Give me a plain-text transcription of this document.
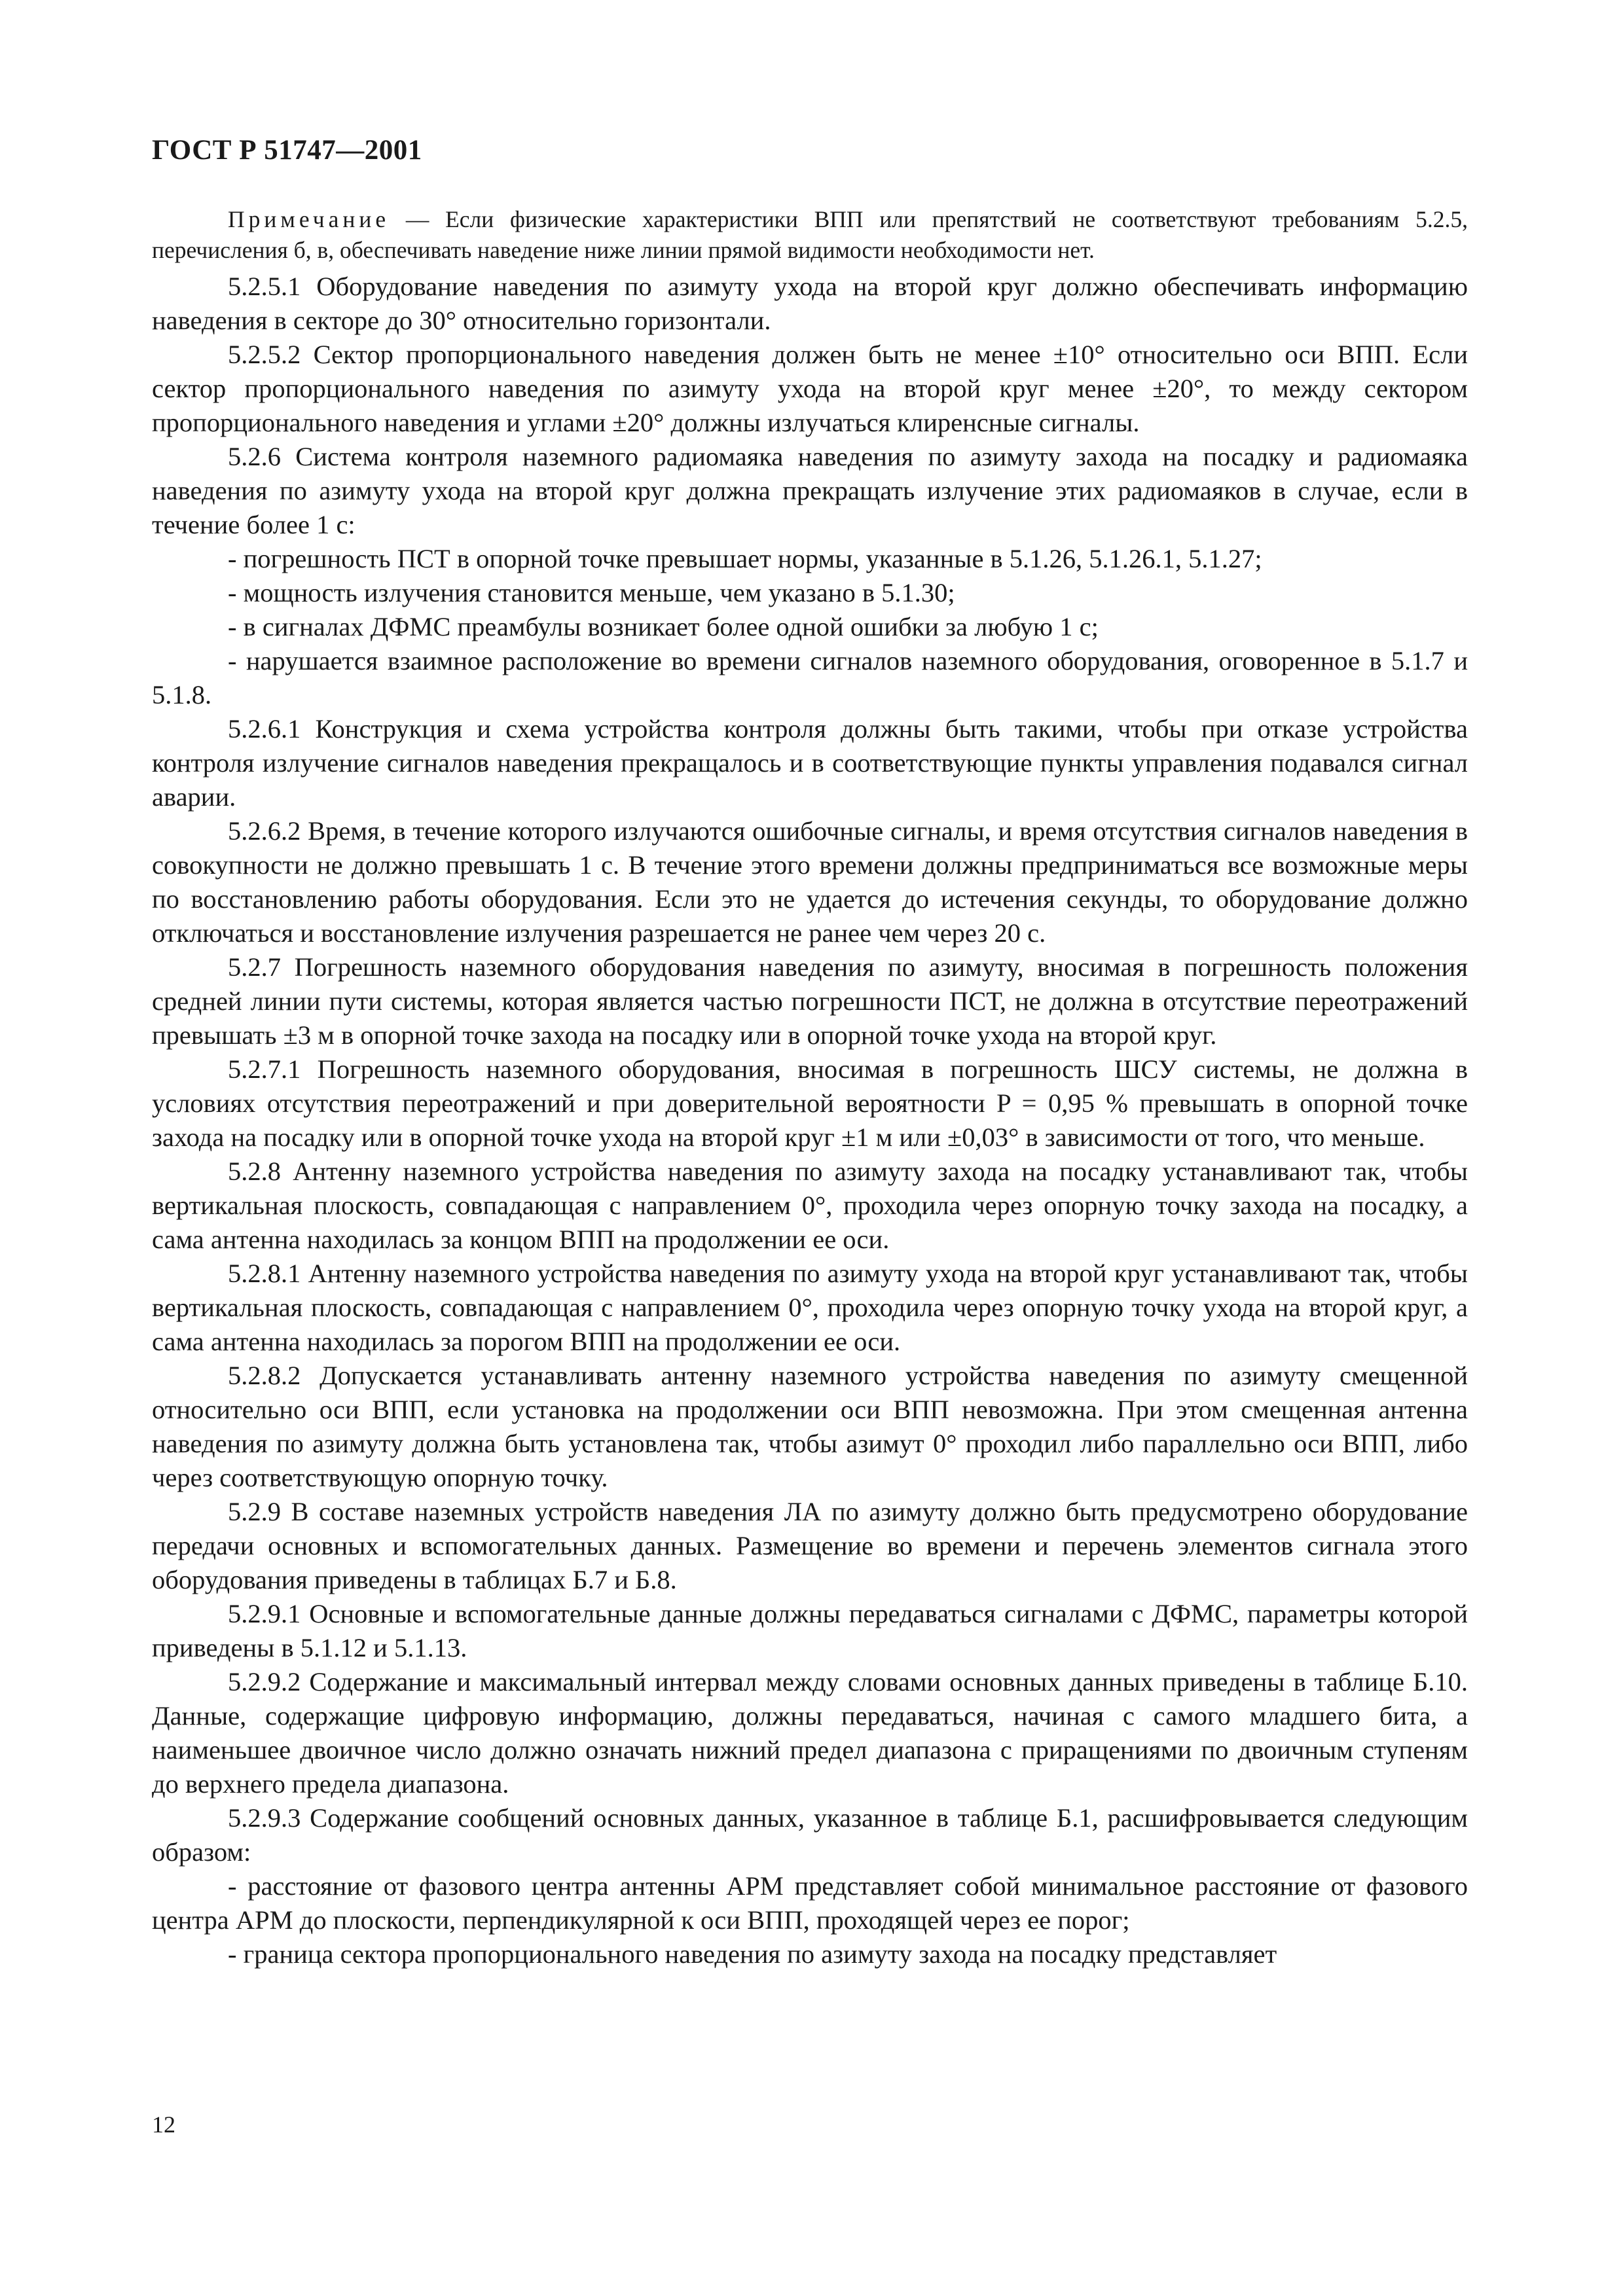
ГОСТ Р 51747—2001

Примечание — Если физические характеристики ВПП или препятствий не соответствуют требованиям 5.2.5, перечисления б, в, обеспечивать наведение ниже линии прямой видимости необходимости нет.

5.2.5.1 Оборудование наведения по азимуту ухода на второй круг должно обеспечивать информацию наведения в секторе до 30° относительно горизонтали.

5.2.5.2 Сектор пропорционального наведения должен быть не менее ±10° относительно оси ВПП. Если сектор пропорционального наведения по азимуту ухода на второй круг менее ±20°, то между сектором пропорционального наведения и углами ±20° должны излучаться клиренсные сигналы.

5.2.6 Система контроля наземного радиомаяка наведения по азимуту захода на посадку и радиомаяка наведения по азимуту ухода на второй круг должна прекращать излучение этих радиомаяков в случае, если в течение более 1 с:

- погрешность ПСТ в опорной точке превышает нормы, указанные в 5.1.26, 5.1.26.1, 5.1.27;

- мощность излучения становится меньше, чем указано в 5.1.30;

- в сигналах ДФМС преамбулы возникает более одной ошибки за любую 1 с;

- нарушается взаимное расположение во времени сигналов наземного оборудования, оговоренное в 5.1.7 и 5.1.8.

5.2.6.1 Конструкция и схема устройства контроля должны быть такими, чтобы при отказе устройства контроля излучение сигналов наведения прекращалось и в соответствующие пункты управления подавался сигнал аварии.

5.2.6.2 Время, в течение которого излучаются ошибочные сигналы, и время отсутствия сигналов наведения в совокупности не должно превышать 1 с. В течение этого времени должны предприниматься все возможные меры по восстановлению работы оборудования. Если это не удается до истечения секунды, то оборудование должно отключаться и восстановление излучения разрешается не ранее чем через 20 с.

5.2.7 Погрешность наземного оборудования наведения по азимуту, вносимая в погрешность положения средней линии пути системы, которая является частью погрешности ПСТ, не должна в отсутствие переотражений превышать ±3 м в опорной точке захода на посадку или в опорной точке ухода на второй круг.

5.2.7.1 Погрешность наземного оборудования, вносимая в погрешность ШСУ системы, не должна в условиях отсутствия переотражений и при доверительной вероятности P = 0,95 % превышать в опорной точке захода на посадку или в опорной точке ухода на второй круг ±1 м или ±0,03° в зависимости от того, что меньше.

5.2.8 Антенну наземного устройства наведения по азимуту захода на посадку устанавливают так, чтобы вертикальная плоскость, совпадающая с направлением 0°, проходила через опорную точку захода на посадку, а сама антенна находилась за концом ВПП на продолжении ее оси.

5.2.8.1 Антенну наземного устройства наведения по азимуту ухода на второй круг устанавливают так, чтобы вертикальная плоскость, совпадающая с направлением 0°, проходила через опорную точку ухода на второй круг, а сама антенна находилась за порогом ВПП на продолжении ее оси.

5.2.8.2 Допускается устанавливать антенну наземного устройства наведения по азимуту смещенной относительно оси ВПП, если установка на продолжении оси ВПП невозможна. При этом смещенная антенна наведения по азимуту должна быть установлена так, чтобы азимут 0° проходил либо параллельно оси ВПП, либо через соответствующую опорную точку.

5.2.9 В составе наземных устройств наведения ЛА по азимуту должно быть предусмотрено оборудование передачи основных и вспомогательных данных. Размещение во времени и перечень элементов сигнала этого оборудования приведены в таблицах Б.7 и Б.8.

5.2.9.1 Основные и вспомогательные данные должны передаваться сигналами с ДФМС, параметры которой приведены в 5.1.12 и 5.1.13.

5.2.9.2 Содержание и максимальный интервал между словами основных данных приведены в таблице Б.10. Данные, содержащие цифровую информацию, должны передаваться, начиная с самого младшего бита, а наименьшее двоичное число должно означать нижний предел диапазона с приращениями по двоичным ступеням до верхнего предела диапазона.

5.2.9.3 Содержание сообщений основных данных, указанное в таблице Б.1, расшифровывается следующим образом:

- расстояние от фазового центра антенны АРМ представляет собой минимальное расстояние от фазового центра АРМ до плоскости, перпендикулярной к оси ВПП, проходящей через ее порог;

- граница сектора пропорционального наведения по азимуту захода на посадку представляет

12
